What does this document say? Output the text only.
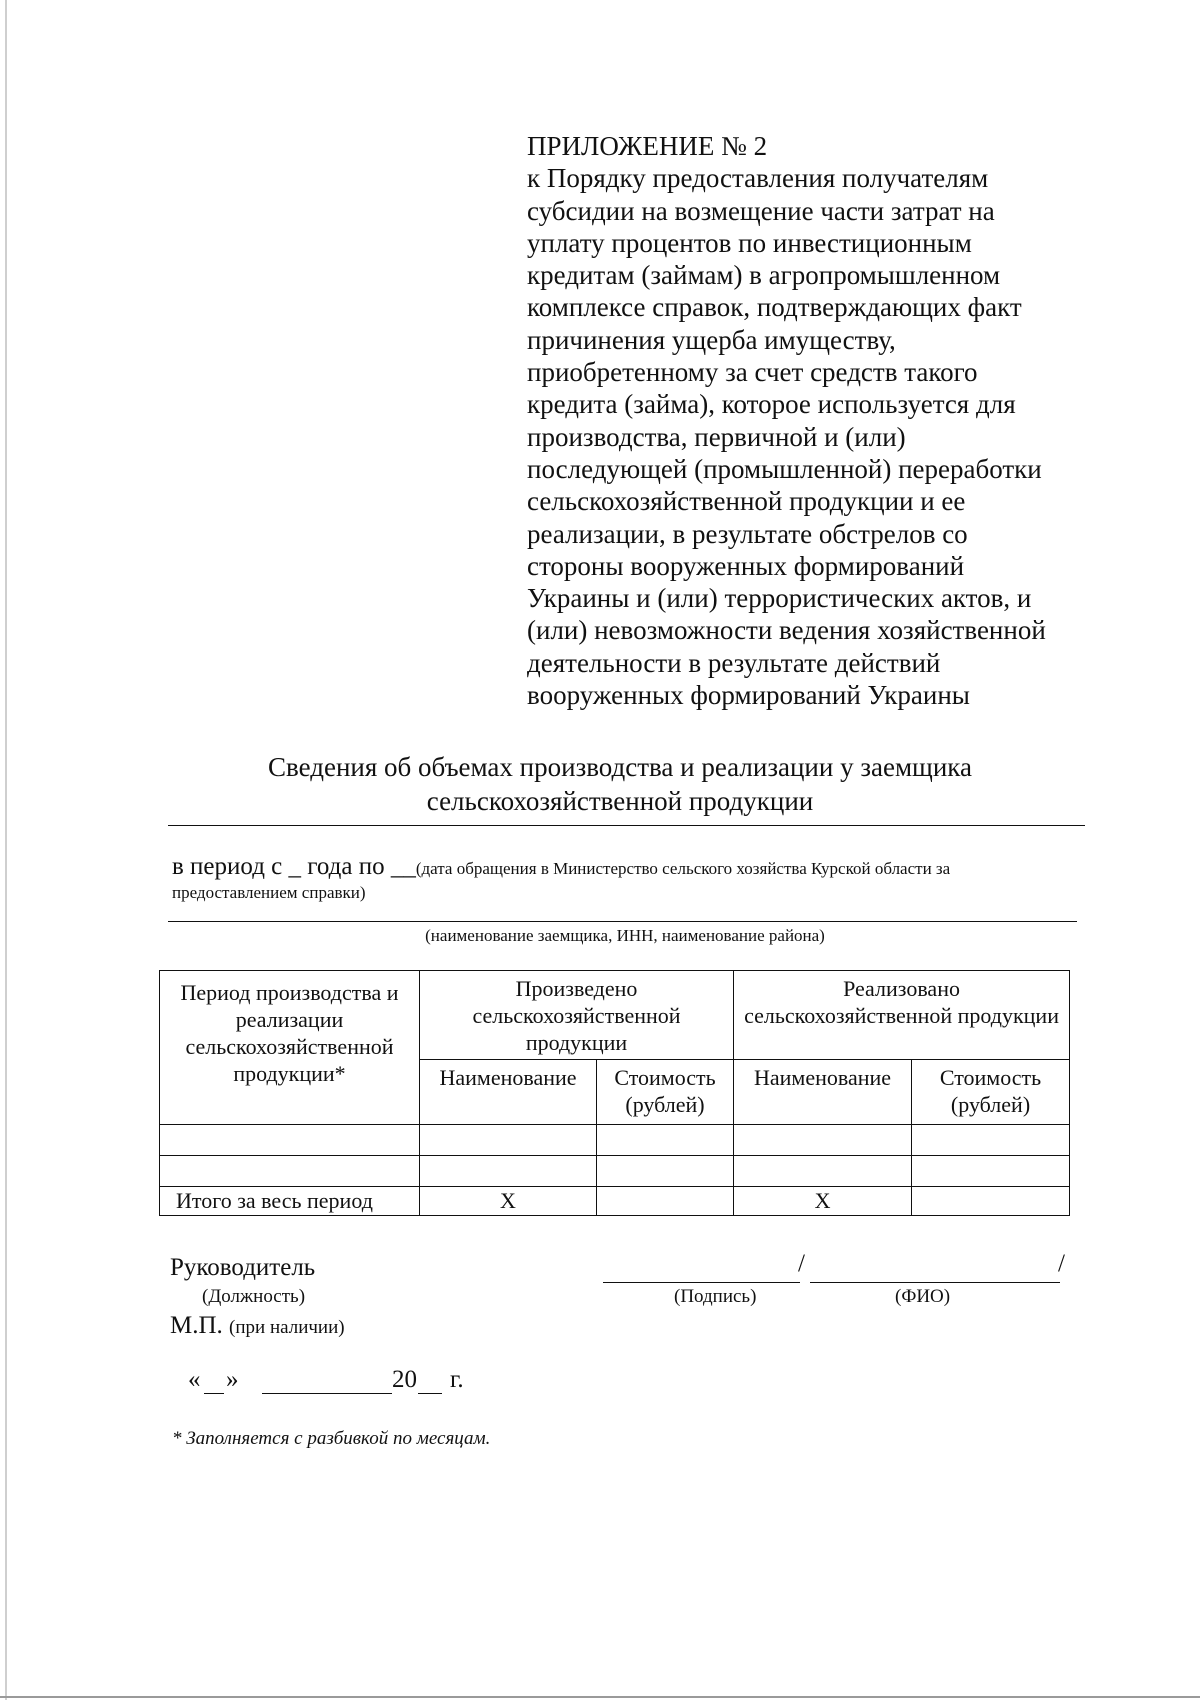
ПРИЛОЖЕНИЕ № 2
к Порядку предоставления получателям
субсидии на возмещение части затрат на
уплату процентов по инвестиционным
кредитам (займам) в агропромышленном
комплексе справок, подтверждающих факт
причинения ущерба имуществу,
приобретенному за счет средств такого
кредита (займа), которое используется для
производства, первичной и (или)
последующей (промышленной) переработки
сельскохозяйственной продукции и ее
реализации, в результате обстрелов со
стороны вооруженных формирований
Украины и (или) террористических актов, и
(или) невозможности ведения хозяйственной
деятельности в результате действий
вооруженных формирований Украины
Сведения об объемах производства и реализации у заемщика
сельскохозяйственной продукции
в период с _ года по __(дата обращения в Министерство сельского хозяйства Курской области за
предоставлением справки)
(наименование заемщика, ИНН, наименование района)
Период производства и реализации сельскохозяйственной продукции*	Произведено сельскохозяйственной продукции		Реализовано сельскохозяйственной продукции	
	Наименование	Стоимость (рублей)	Наименование	Стоимость (рублей)

Итого за весь период	X		X	
Руководитель
(Должность)
М.П. (при наличии)
/	/
(Подпись)	(ФИО)
« »	20 г.
* Заполняется с разбивкой по месяцам.
